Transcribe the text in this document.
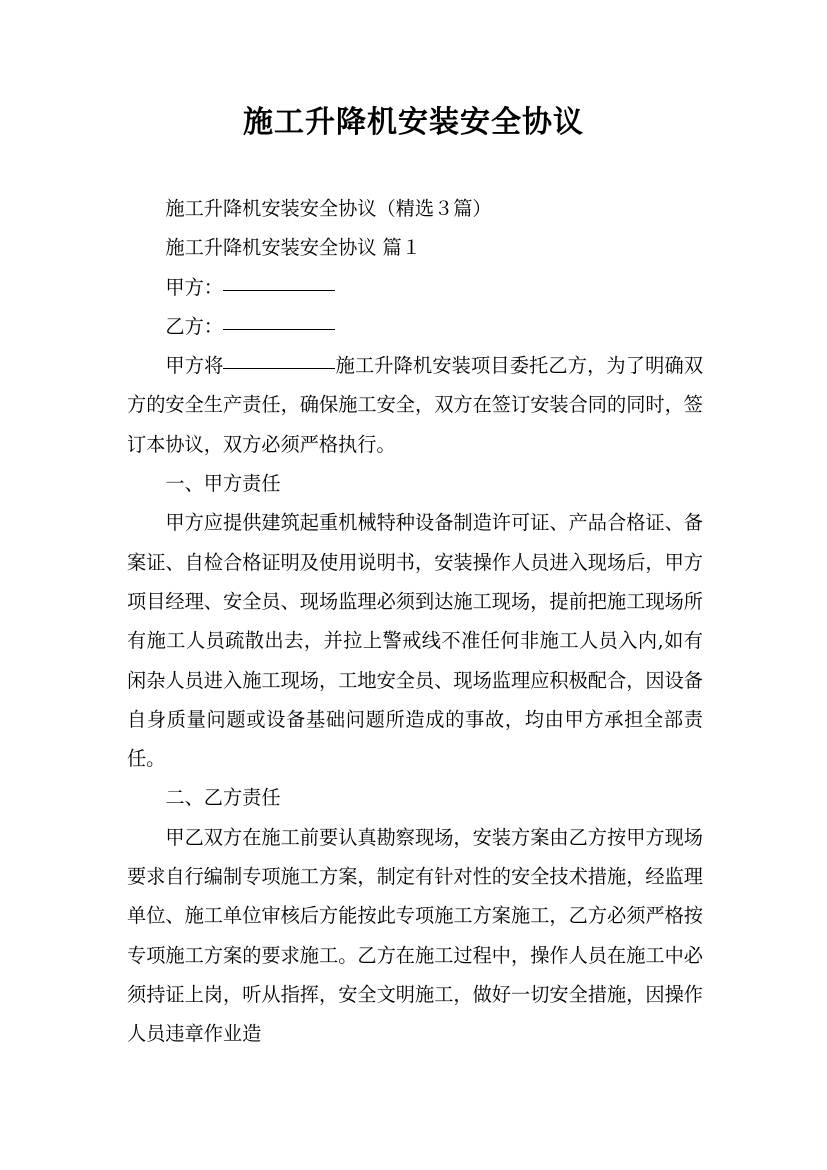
施工升降机安装安全协议

施工升降机安装安全协议（精选３篇）

施工升降机安装安全协议 篇１

甲方：

乙方：

甲方将	施工升降机安装项目委托乙方，为了明确双方的安全生产责任，确保施工安全，双方在签订安装合同的同时，签订本协议，双方必须严格执行。

一、甲方责任

甲方应提供建筑起重机械特种设备制造许可证、产品合格证、备案证、自检合格证明及使用说明书，安装操作人员进入现场后，甲方项目经理、安全员、现场监理必须到达施工现场，提前把施工现场所有施工人员疏散出去，并拉上警戒线不准任何非施工人员入内,如有闲杂人员进入施工现场，工地安全员、现场监理应积极配合，因设备自身质量问题或设备基础问题所造成的事故，均由甲方承担全部责任。

二、乙方责任

甲乙双方在施工前要认真勘察现场，安装方案由乙方按甲方现场要求自行编制专项施工方案，制定有针对性的安全技术措施，经监理单位、施工单位审核后方能按此专项施工方案施工，乙方必须严格按专项施工方案的要求施工。乙方在施工过程中，操作人员在施工中必须持证上岗，听从指挥，安全文明施工，做好一切安全措施，因操作人员违章作业造
